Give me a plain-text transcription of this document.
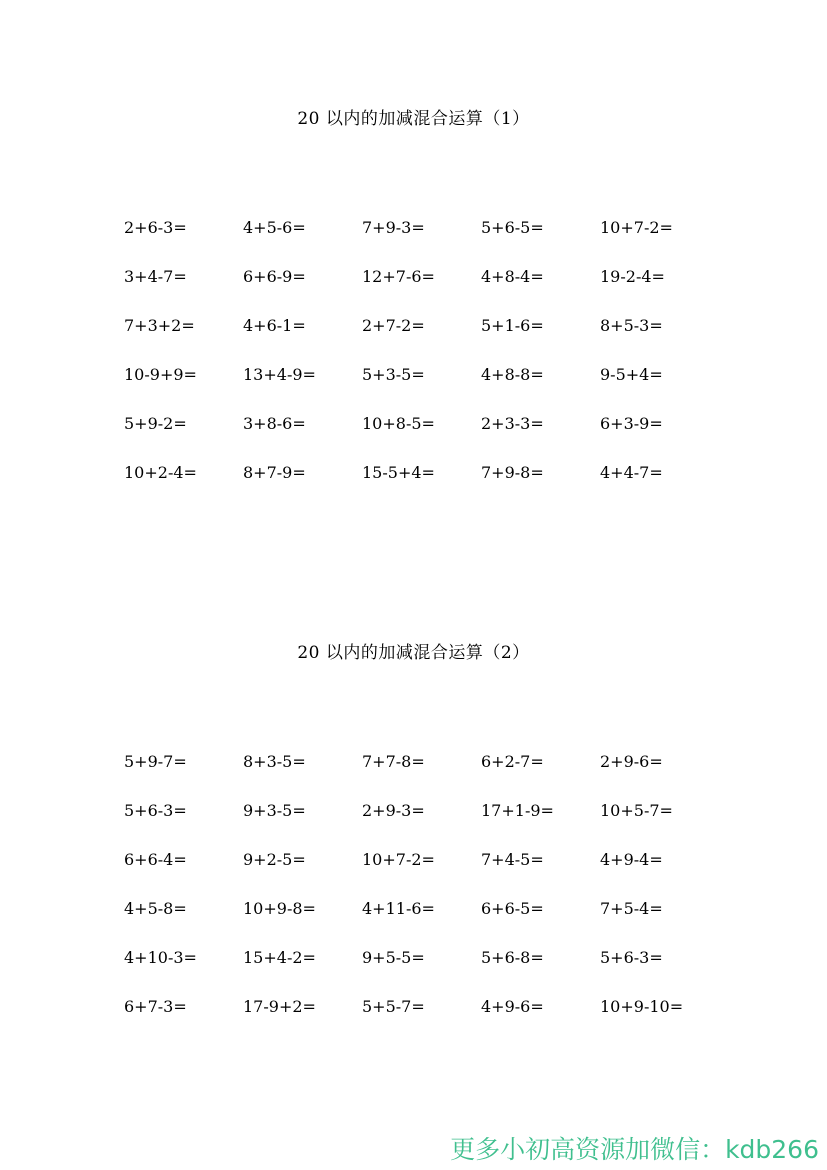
20 以内的加减混合运算（1）
2+6-3=	4+5-6=	7+9-3=	5+6-5=	10+7-2=
3+4-7=	6+6-9=	12+7-6=	4+8-4=	19-2-4=
7+3+2=	4+6-1=	2+7-2=	5+1-6=	8+5-3=
10-9+9=	13+4-9=	5+3-5=	4+8-8=	9-5+4=
5+9-2=	3+8-6=	10+8-5=	2+3-3=	6+3-9=
10+2-4=	8+7-9=	15-5+4=	7+9-8=	4+4-7=
20 以内的加减混合运算（2）
5+9-7=	8+3-5=	7+7-8=	6+2-7=	2+9-6=
5+6-3=	9+3-5=	2+9-3=	17+1-9=	10+5-7=
6+6-4=	9+2-5=	10+7-2=	7+4-5=	4+9-4=
4+5-8=	10+9-8=	4+11-6=	6+6-5=	7+5-4=
4+10-3=	15+4-2=	9+5-5=	5+6-8=	5+6-3=
6+7-3=	17-9+2=	5+5-7=	4+9-6=	10+9-10=
更多小初高资源加微信：kdb266
